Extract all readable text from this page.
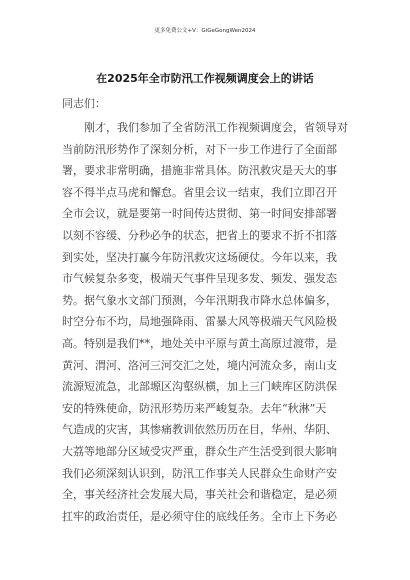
更多免费公文+V：GiGeGongWen2024
在2025年全市防汛工作视频调度会上的讲话
同志们：
　　刚才，我们参加了全省防汛工作视频调度会，省领导对
当前防汛形势作了深刻分析，对下一步工作进行了全面部
署，要求非常明确，措施非常具体。防汛救灾是天大的事
容不得半点马虎和懈怠。省里会议一结束，我们立即召开
全市会议，就是要第一时间传达贯彻、第一时间安排部署
以刻不容缓、分秒必争的状态，把省上的要求不折不扣落
到实处，坚决打赢今年防汛救灾这场硬仗。今年以来，我
市气候复杂多变，极端天气事件呈现多发、频发、强发态
势。据气象水文部门预测，今年汛期我市降水总体偏多，
时空分布不均，局地强降雨、雷暴大风等极端天气风险极
高。特别是我们**，地处关中平原与黄土高原过渡带，是
黄河、渭河、洛河三河交汇之处，境内河流众多，南山支
流源短流急，北部塬区沟壑纵横，加上三门峡库区防洪保
安的特殊使命，防汛形势历来严峻复杂。去年“秋淋”天
气造成的灾害，其惨痛教训依然历历在目，华州、华阴、
大荔等地部分区域受灾严重，群众生产生活受到很大影响
我们必须深刻认识到，防汛工作事关人民群众生命财产安
全，事关经济社会发展大局，事关社会和谐稳定，是必须
扛牢的政治责任，是必须守住的底线任务。全市上下务必
